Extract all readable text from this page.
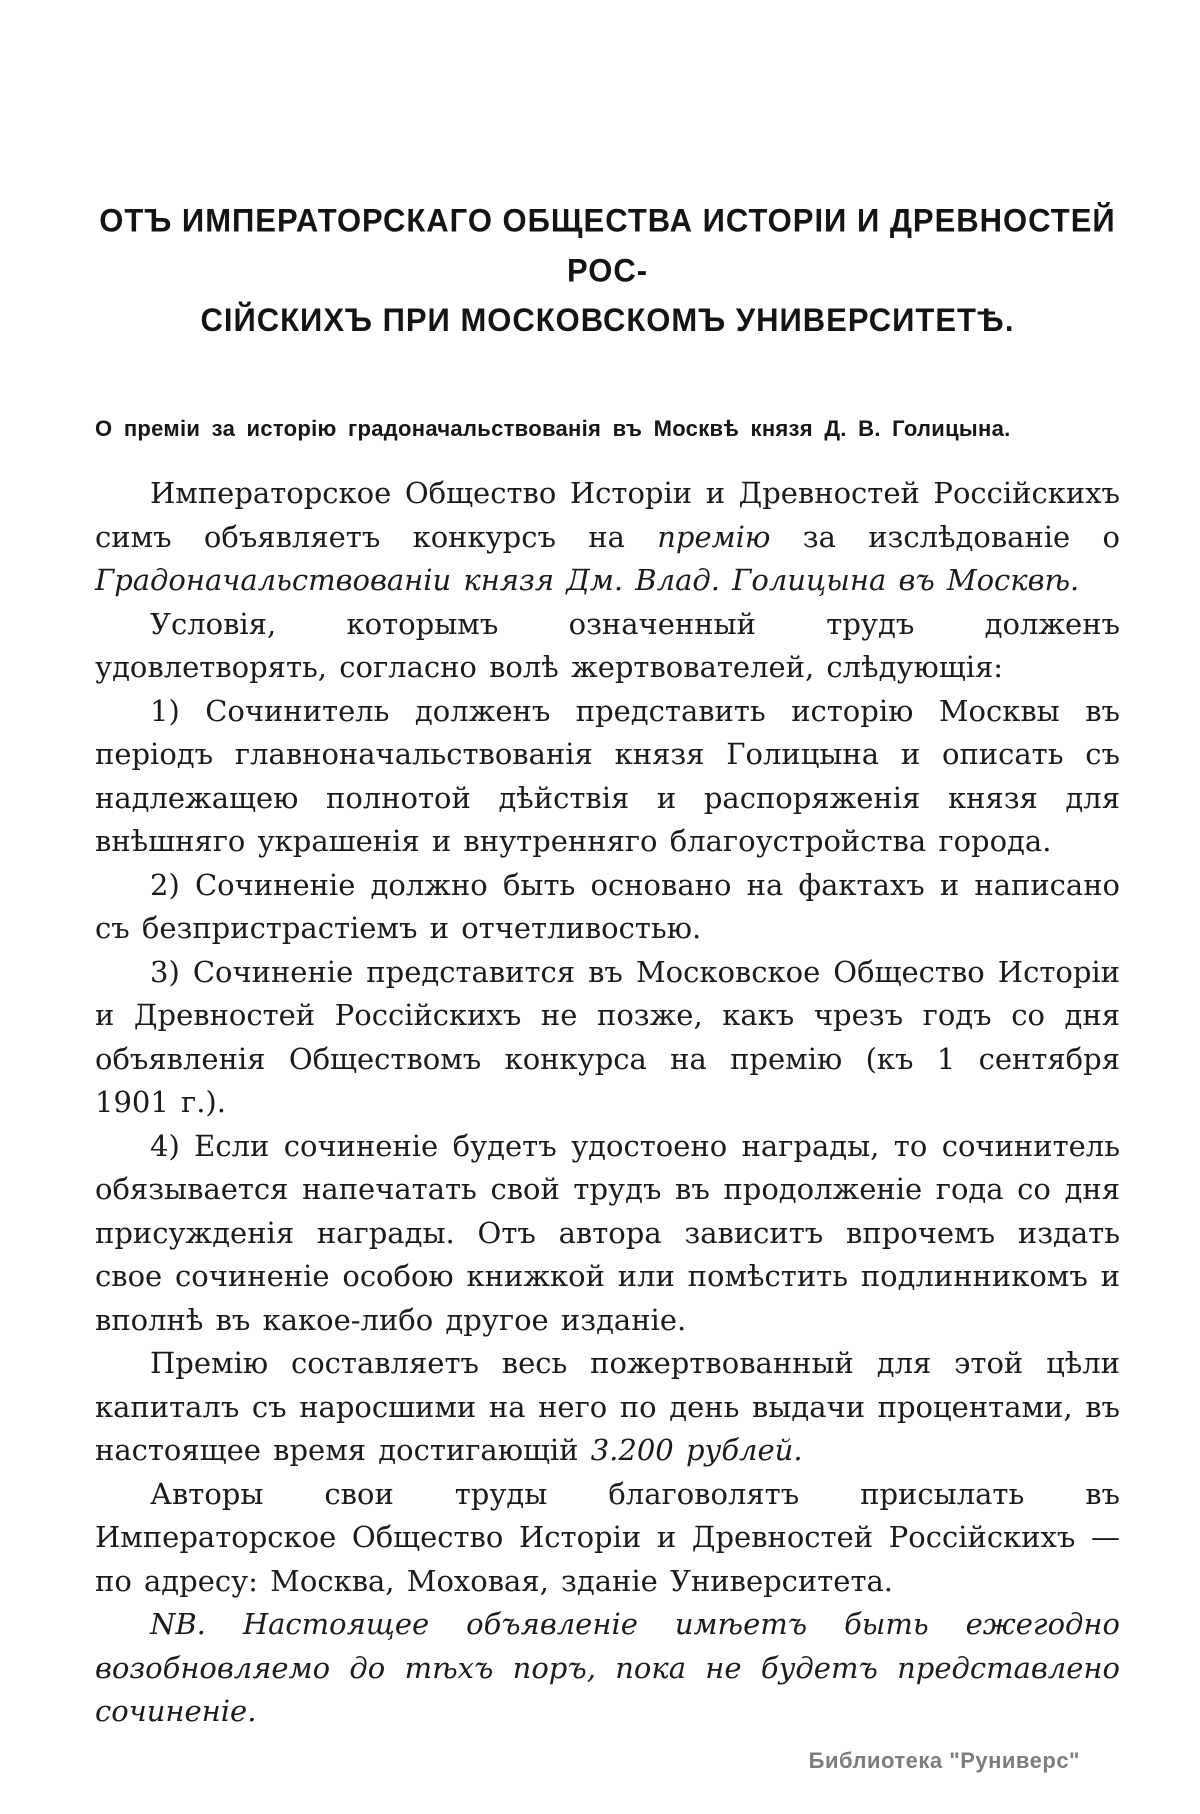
ОТЪ ИМПЕРАТОРСКАГО ОБЩЕСТВА ИСТОРІИ И ДРЕВНОСТЕЙ РОС-
СІЙСКИХЪ ПРИ МОСКОВСКОМЪ УНИВЕРСИТЕТѢ.
О преміи за исторію градоначальствованія въ Москвѣ князя Д. В. Голицына.

Императорское Общество Исторіи и Древностей Россійскихъ симъ объявляетъ конкурсъ на премію за изслѣдованіе о Градоначальствованіи князя Дм. Влад. Голицына въ Москвѣ.

Условія, которымъ означенный трудъ долженъ удовлетворять, согласно волѣ жертвователей, слѣдующія:

1) Сочинитель долженъ представить исторію Москвы въ періодъ главноначальствованія князя Голицына и описать съ надлежащею полнотой дѣйствія и распоряженія князя для внѣшняго украшенія и внутренняго благоустройства города.

2) Сочиненіе должно быть основано на фактахъ и написано съ безпристрастіемъ и отчетливостью.

3) Сочиненіе представится въ Московское Общество Исторіи и Древностей Россійскихъ не позже, какъ чрезъ годъ со дня объявленія Обществомъ конкурса на премію (къ 1 сентября 1901 г.).

4) Если сочиненіе будетъ удостоено награды, то сочинитель обязывается напечатать свой трудъ въ продолженіе года со дня присужденія награды. Отъ автора зависитъ впрочемъ издать свое сочиненіе особою книжкой или помѣстить подлинникомъ и вполнѣ въ какое-либо другое изданіе.

Премію составляетъ весь пожертвованный для этой цѣли капиталъ съ наросшими на него по день выдачи процентами, въ настоящее время достигающій 3.200 рублей.

Авторы свои труды благоволятъ присылать въ Императорское Общество Исторіи и Древностей Россійскихъ — по адресу: Москва, Моховая, зданіе Университета.

NB. Настоящее объявленіе имѣетъ быть ежегодно возобновляемо до тѣхъ поръ, пока не будетъ представлено сочиненіе.

Библиотека "Руниверс"
